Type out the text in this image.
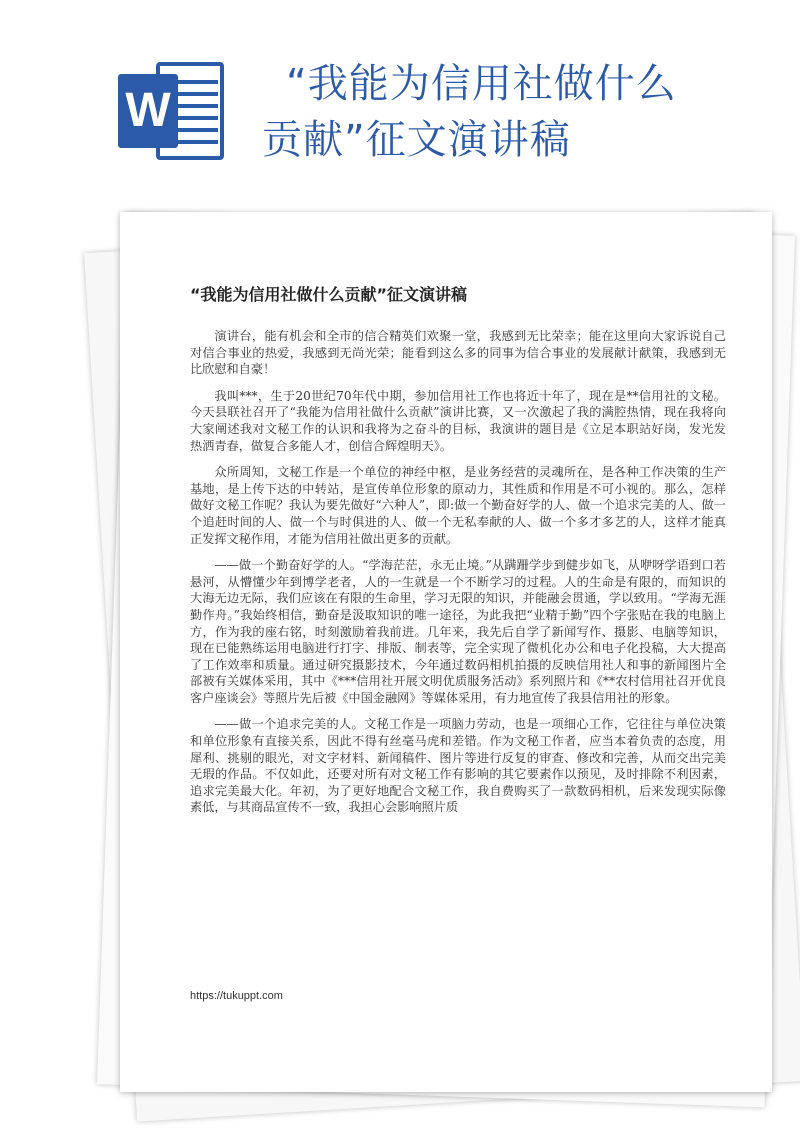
W	“我能为信用社做什么
贡献”征文演讲稿
“我能为信用社做什么贡献”征文演讲稿

演讲台，能有机会和全市的信合精英们欢聚一堂，我感到无比荣幸；能在这里向大家诉说自己对信合事业的热爱，我感到无尚光荣；能看到这么多的同事为信合事业的发展献计献策，我感到无比欣慰和自豪！

我叫***，生于20世纪70年代中期，参加信用社工作也将近十年了，现在是**信用社的文秘。今天县联社召开了“我能为信用社做什么贡献”演讲比赛，又一次激起了我的满腔热情，现在我将向大家阐述我对文秘工作的认识和我将为之奋斗的目标，我演讲的题目是《立足本职站好岗，发光发热洒青春，做复合多能人才，创信合辉煌明天》。

众所周知，文秘工作是一个单位的神经中枢，是业务经营的灵魂所在，是各种工作决策的生产基地，是上传下达的中转站，是宣传单位形象的原动力，其性质和作用是不可小视的。那么，怎样做好文秘工作呢？我认为要先做好“六种人”，即:做一个勤奋好学的人、做一个追求完美的人、做一个追赶时间的人、做一个与时俱进的人、做一个无私奉献的人、做一个多才多艺的人，这样才能真正发挥文秘作用，才能为信用社做出更多的贡献。

——做一个勤奋好学的人。“学海茫茫，永无止境。”从蹒跚学步到健步如飞，从咿呀学语到口若悬河，从懵懂少年到博学老者，人的一生就是一个不断学习的过程。人的生命是有限的，而知识的大海无边无际，我们应该在有限的生命里，学习无限的知识，并能融会贯通，学以致用。“学海无涯勤作舟。”我始终相信，勤奋是汲取知识的唯一途径，为此我把“业精于勤”四个字张贴在我的电脑上方，作为我的座右铭，时刻激励着我前进。几年来，我先后自学了新闻写作、摄影、电脑等知识，现在已能熟练运用电脑进行打字、排版、制表等，完全实现了微机化办公和电子化投稿，大大提高了工作效率和质量。通过研究摄影技术，今年通过数码相机拍摄的反映信用社人和事的新闻图片全部被有关媒体采用，其中《***信用社开展文明优质服务活动》系列照片和《**农村信用社召开优良客户座谈会》等照片先后被《中国金融网》等媒体采用，有力地宣传了我县信用社的形象。

——做一个追求完美的人。文秘工作是一项脑力劳动，也是一项细心工作，它往往与单位决策和单位形象有直接关系，因此不得有丝毫马虎和差错。作为文秘工作者，应当本着负责的态度，用犀利、挑剔的眼光，对文字材料、新闻稿件、图片等进行反复的审查、修改和完善，从而交出完美无瑕的作品。不仅如此，还要对所有对文秘工作有影响的其它要素作以预见，及时排除不利因素，追求完美最大化。年初，为了更好地配合文秘工作，我自费购买了一款数码相机，后来发现实际像素低，与其商品宣传不一致，我担心会影响照片质

https://tukuppt.com
